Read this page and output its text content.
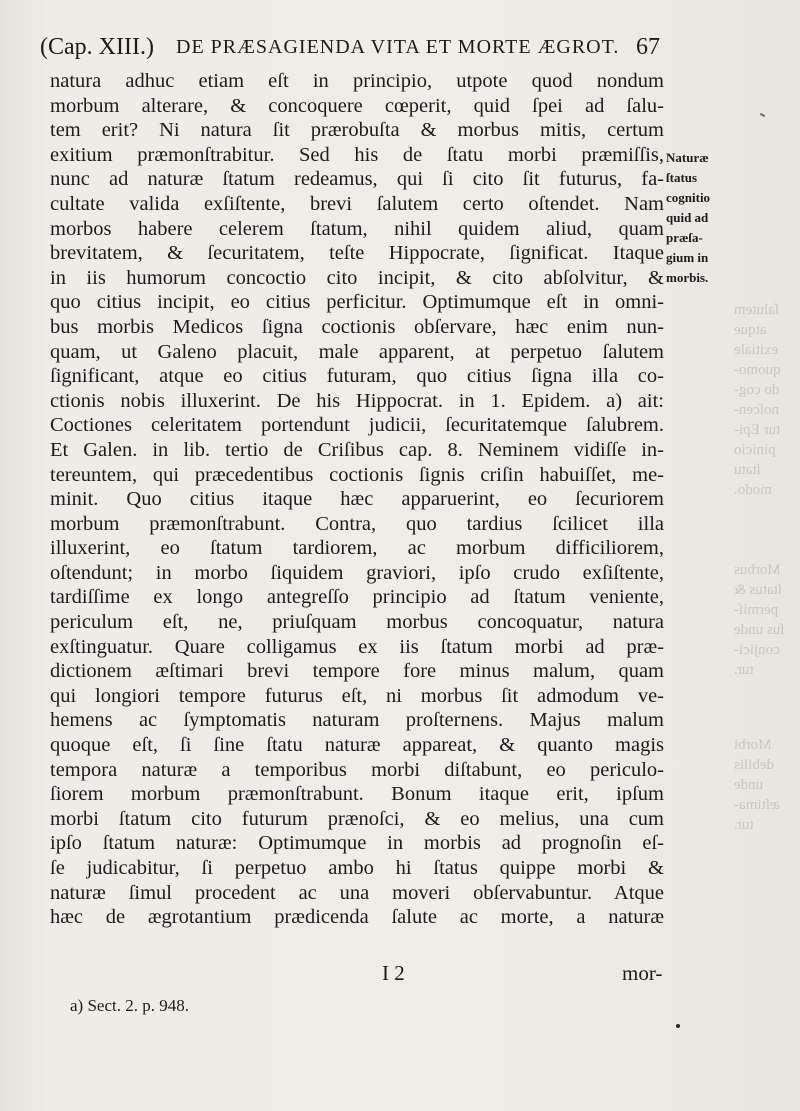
ſalutem
atque
exitiale
quomo-
do cog-
noſcen-
tur Epi-
pinicio
ſtatu
modo.
Morbus
ſtatus &
permiſ-
ſus unde
conjici-
tur.
Morbi
debilis
unde
æſtima-
tur.
(Cap. XIII.) DE PRÆSAGIENDA VITA ET MORTE ÆGROT. 67
natura adhuc etiam eſt in principio, utpote quod nondum
morbum alterare, & concoquere cœperit, quid ſpei ad ſalu-
tem erit? Ni natura ſit prærobuſta & morbus mitis, certum
exitium præmonſtrabitur. Sed his de ſtatu morbi præmiſſis,
nunc ad naturæ ſtatum redeamus, qui ſi cito ſit futurus, fa-
cultate valida exſiſtente, brevi ſalutem certo oſtendet. Nam
morbos habere celerem ſtatum, nihil quidem aliud, quam
brevitatem, & ſecuritatem, teſte Hippocrate, ſignificat. Itaque
in iis humorum concoctio cito incipit, & cito abſolvitur, &
quo citius incipit, eo citius perficitur. Optimumque eſt in omni-
bus morbis Medicos ſigna coctionis obſervare, hæc enim nun-
quam, ut Galeno placuit, male apparent, at perpetuo ſalutem
ſignificant, atque eo citius futuram, quo citius ſigna illa co-
ctionis nobis illuxerint. De his Hippocrat. in 1. Epidem. a) ait:
Coctiones celeritatem portendunt judicii, ſecuritatemque ſalubrem.
Et Galen. in lib. tertio de Criſibus cap. 8. Neminem vidiſſe in-
tereuntem, qui præcedentibus coctionis ſignis criſin habuiſſet, me-
minit. Quo citius itaque hæc apparuerint, eo ſecuriorem
morbum præmonſtrabunt. Contra, quo tardius ſcilicet illa
illuxerint, eo ſtatum tardiorem, ac morbum difficiliorem,
oſtendunt; in morbo ſiquidem graviori, ipſo crudo exſiſtente,
tardiſſime ex longo antegreſſo principio ad ſtatum veniente,
periculum eſt, ne, priuſquam morbus concoquatur, natura
exſtinguatur. Quare colligamus ex iis ſtatum morbi ad præ-
dictionem æſtimari brevi tempore fore minus malum, quam
qui longiori tempore futurus eſt, ni morbus ſit admodum ve-
hemens ac ſymptomatis naturam proſternens. Majus malum
quoque eſt, ſi ſine ſtatu naturæ appareat, & quanto magis
tempora naturæ a temporibus morbi diſtabunt, eo periculo-
ſiorem morbum præmonſtrabunt. Bonum itaque erit, ipſum
morbi ſtatum cito futurum prænoſci, & eo melius, una cum
ipſo ſtatum naturæ: Optimumque in morbis ad prognoſin eſ-
ſe judicabitur, ſi perpetuo ambo hi ſtatus quippe morbi &
naturæ ſimul procedent ac una moveri obſervabuntur. Atque
hæc de ægrotantium prædicenda ſalute ac morte, a naturæ
Naturæ
ſtatus
cognitio
quid ad
præſa-
gium in
morbis.
I 2	mor-
a) Sect. 2. p. 948.
